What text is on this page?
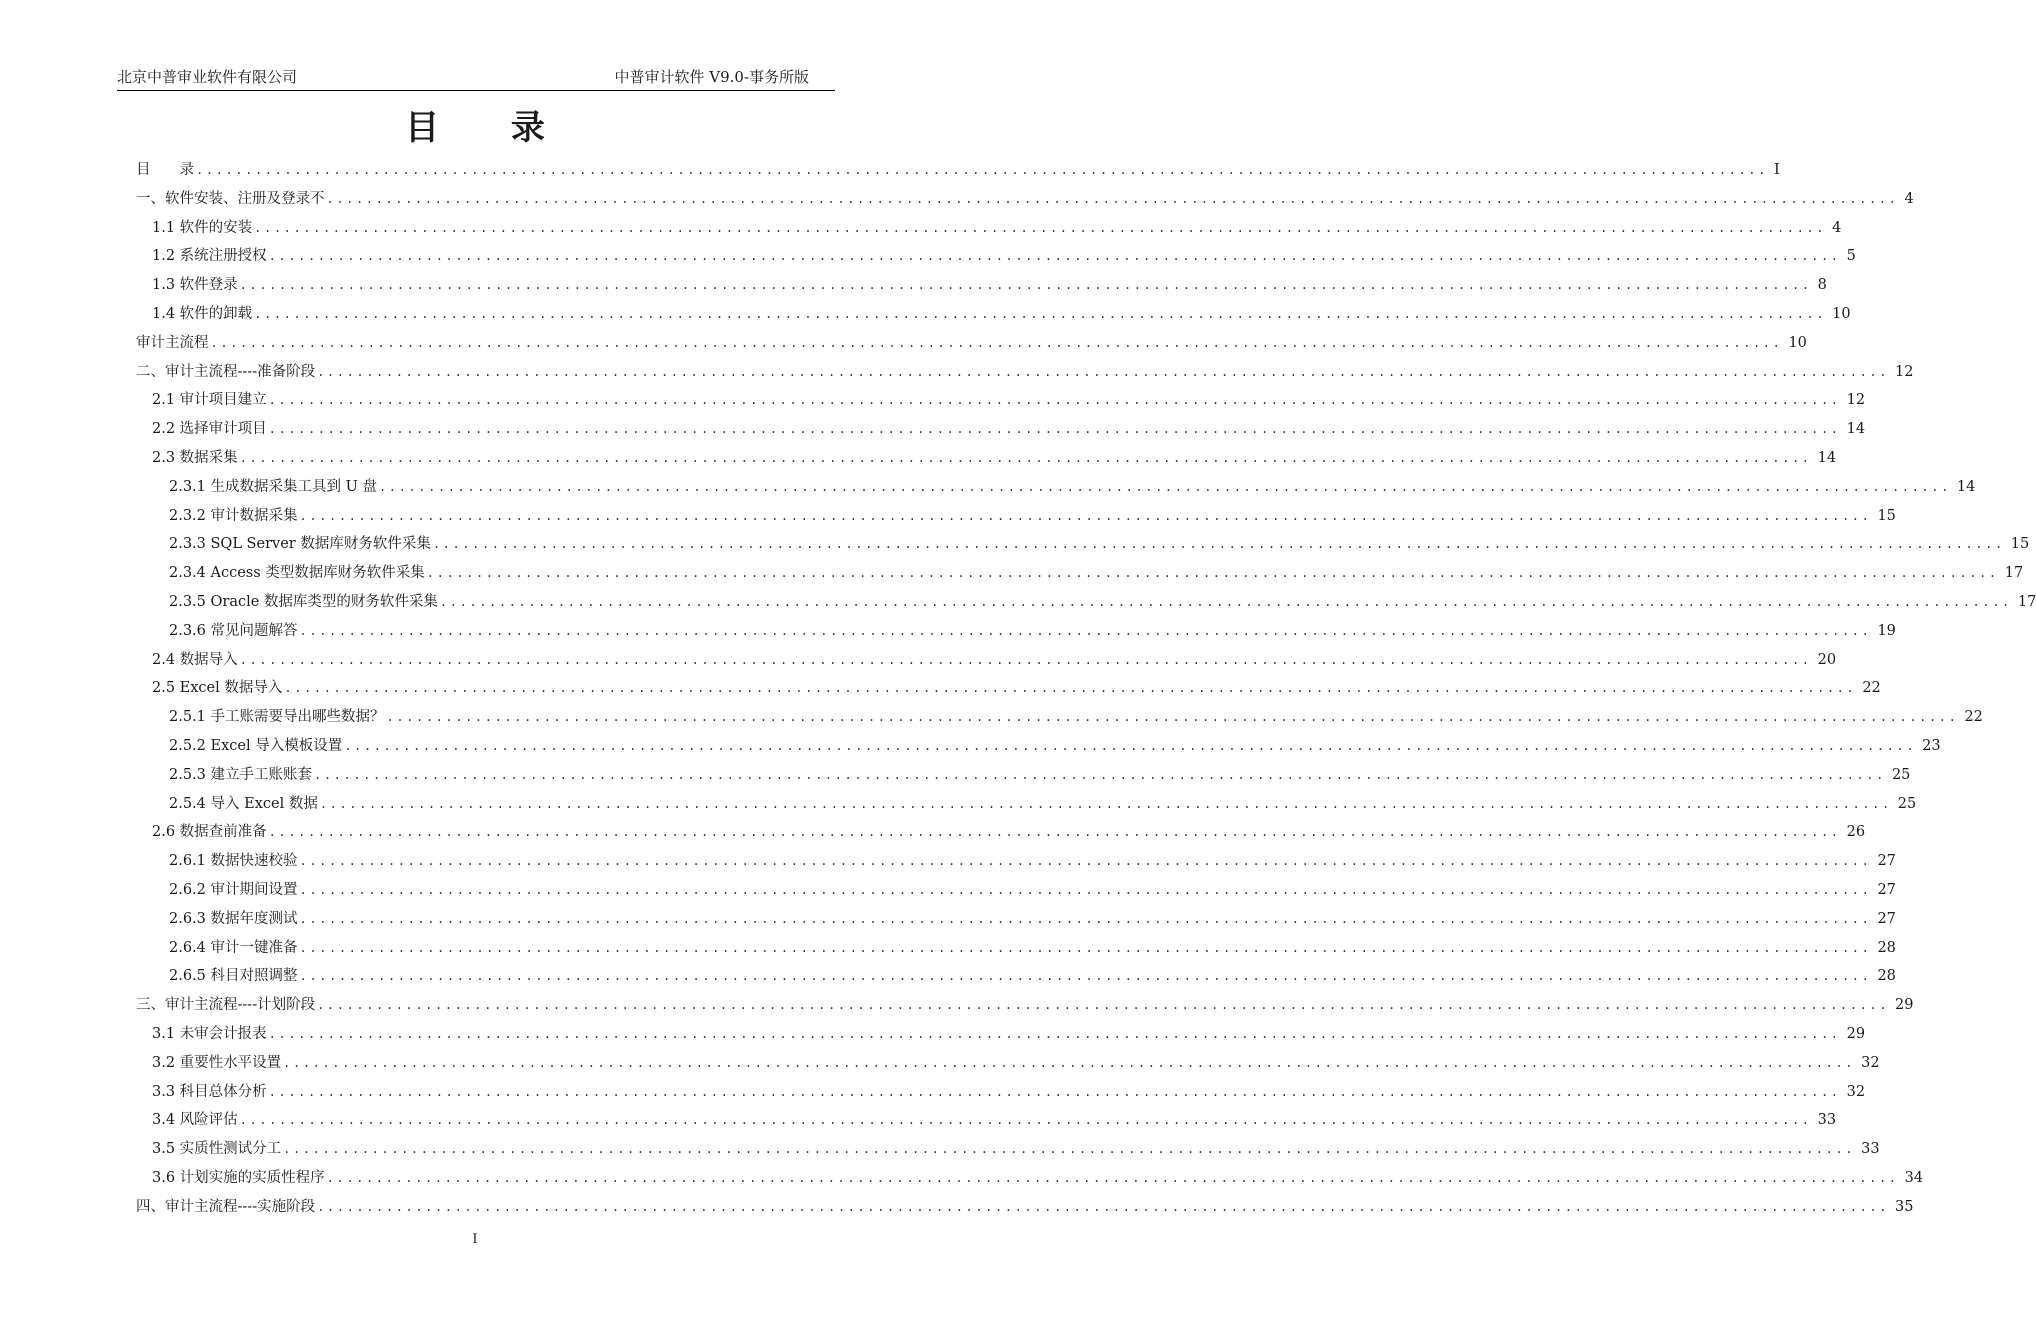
北京中普审业软件有限公司	中普审计软件 V9.0-事务所版
目 录
目　　录 ................................................................................................................................................................ I
一、软件安装、注册及登录不 ................................................................................................................................................................ 4
1.1 软件的安装 ................................................................................................................................................................ 4
1.2 系统注册授权 ................................................................................................................................................................ 5
1.3 软件登录 ................................................................................................................................................................ 8
1.4 软件的卸载 ................................................................................................................................................................ 10
审计主流程 ................................................................................................................................................................ 10
二、审计主流程----准备阶段 ................................................................................................................................................................ 12
2.1 审计项目建立 ................................................................................................................................................................ 12
2.2 选择审计项目 ................................................................................................................................................................ 14
2.3 数据采集 ................................................................................................................................................................ 14
2.3.1 生成数据采集工具到 U 盘 ................................................................................................................................................................ 14
2.3.2 审计数据采集 ................................................................................................................................................................ 15
2.3.3 SQL Server 数据库财务软件采集 ................................................................................................................................................................ 15
2.3.4 Access 类型数据库财务软件采集 ................................................................................................................................................................ 17
2.3.5 Oracle 数据库类型的财务软件采集 ................................................................................................................................................................ 17
2.3.6 常见问题解答 ................................................................................................................................................................ 19
2.4 数据导入 ................................................................................................................................................................ 20
2.5 Excel 数据导入 ................................................................................................................................................................ 22
2.5.1 手工账需要导出哪些数据？ ................................................................................................................................................................ 22
2.5.2 Excel 导入模板设置 ................................................................................................................................................................ 23
2.5.3 建立手工账账套 ................................................................................................................................................................ 25
2.5.4 导入 Excel 数据 ................................................................................................................................................................ 25
2.6 数据查前准备 ................................................................................................................................................................ 26
2.6.1 数据快速校验 ................................................................................................................................................................ 27
2.6.2 审计期间设置 ................................................................................................................................................................ 27
2.6.3 数据年度测试 ................................................................................................................................................................ 27
2.6.4 审计一键准备 ................................................................................................................................................................ 28
2.6.5 科目对照调整 ................................................................................................................................................................ 28
三、审计主流程----计划阶段 ................................................................................................................................................................ 29
3.1 未审会计报表 ................................................................................................................................................................ 29
3.2 重要性水平设置 ................................................................................................................................................................ 32
3.3 科目总体分析 ................................................................................................................................................................ 32
3.4 风险评估 ................................................................................................................................................................ 33
3.5 实质性测试分工 ................................................................................................................................................................ 33
3.6 计划实施的实质性程序 ................................................................................................................................................................ 34
四、审计主流程----实施阶段 ................................................................................................................................................................ 35
I
